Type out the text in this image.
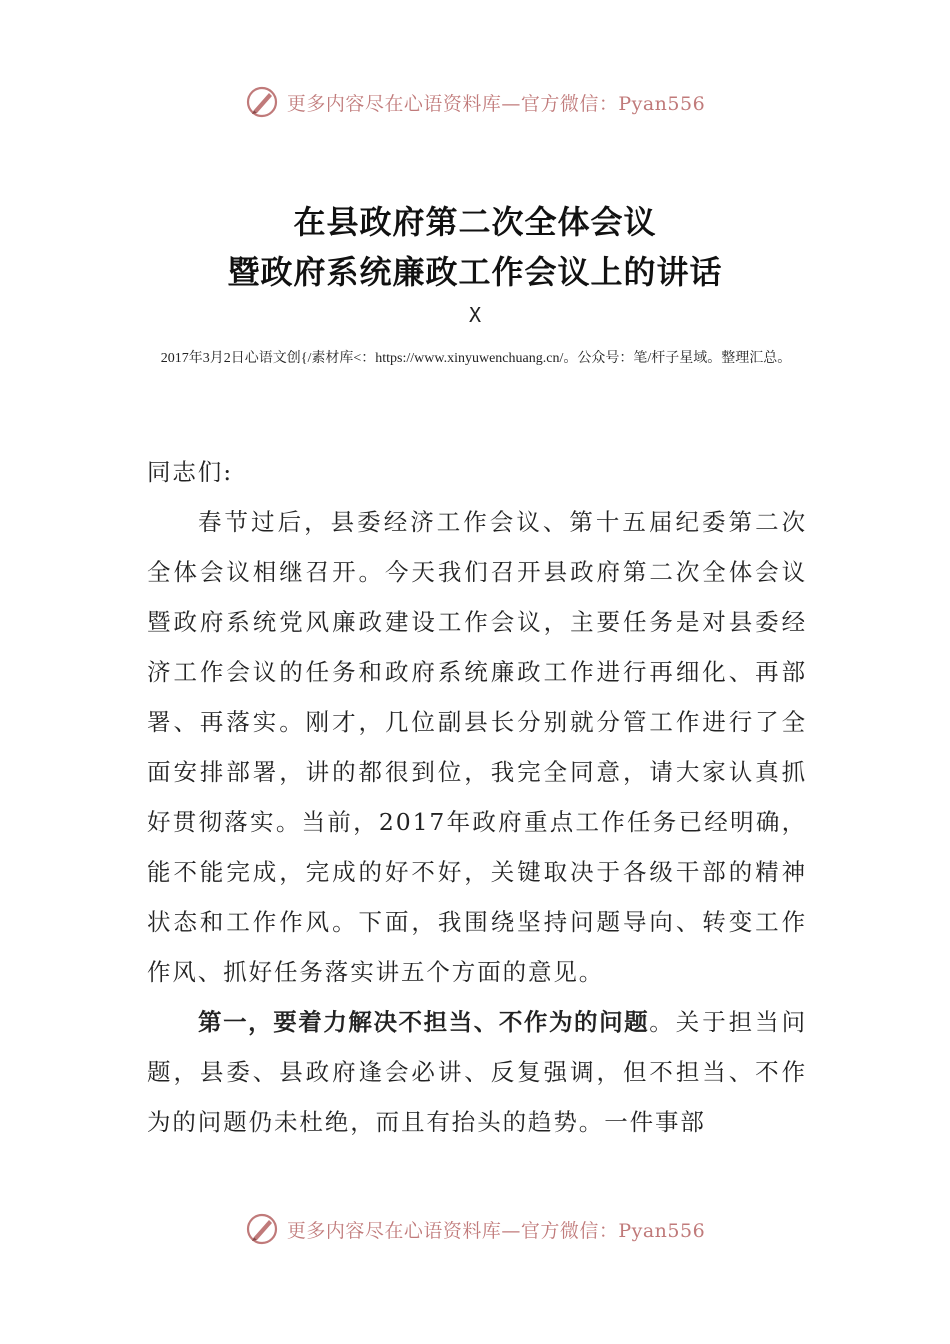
更多内容尽在心语资料库—官方微信：Pyan556
在县政府第二次全体会议
暨政府系统廉政工作会议上的讲话
X

2017年3月2日心语文创{/素材库<：https://www.xinyuwenchuang.cn/。公众号：笔/杆子星域。整理汇总。

同志们:

春节过后，县委经济工作会议、第十五届纪委第二次全体会议相继召开。今天我们召开县政府第二次全体会议暨政府系统党风廉政建设工作会议，主要任务是对县委经济工作会议的任务和政府系统廉政工作进行再细化、再部署、再落实。刚才，几位副县长分别就分管工作进行了全面安排部署，讲的都很到位，我完全同意，请大家认真抓好贯彻落实。当前，2017年政府重点工作任务已经明确，能不能完成，完成的好不好，关键取决于各级干部的精神状态和工作作风。下面，我围绕坚持问题导向、转变工作作风、抓好任务落实讲五个方面的意见。

第一，要着力解决不担当、不作为的问题。关于担当问题，县委、县政府逢会必讲、反复强调，但不担当、不作为的问题仍未杜绝，而且有抬头的趋势。一件事部

更多内容尽在心语资料库—官方微信：Pyan556
